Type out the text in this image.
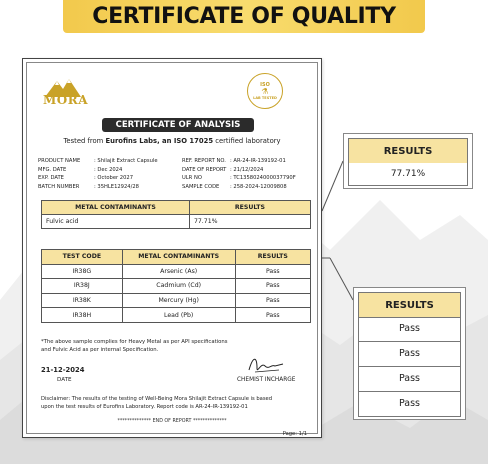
CERTIFICATE OF QUALITY
MORA
ISO
⚗
LAB TESTED
CERTIFICATE OF ANALYSIS
Tested from Eurofins Labs, an ISO 17025 certified laboratory
PRODUCT NAME	: Shilajit Extract Capsule
MFG. DATE	: Dec 2024
EXP. DATE	: October 2027
BATCH NUMBER	: 35HLE12924/28
REF. REPORT NO. : AR-24-IR-139192-01
DATE OF REPORT : 21/12/2024
ULR NO	: TC1358024000037790F
SAMPLE CODE	: 258-2024-12009808
METAL CONTAMINANTS	RESULTS
Fulvic acid	77.71%
TEST CODE	METAL CONTAMINANTS	RESULTS
IR38G	Arsenic (As)	Pass
IR38J	Cadmium (Cd)	Pass
IR38K	Mercury (Hg)	Pass
IR38H	Lead (Pb)	Pass
*The above sample complies for Heavy Metal as per API specifications
and Fulvic Acid as per internal Specification.
21-12-2024
DATE	CHEMIST INCHARGE
Disclaimer: The results of the testing of Well-Being Mora Shilajit Extract Capsule is based
upon the test results of Eurofins Laboratory. Report code is AR-24-IR-139192-01
************** END OF REPORT **************
Page: 1/1
RESULTS
77.71%
RESULTS
Pass
Pass
Pass
Pass
